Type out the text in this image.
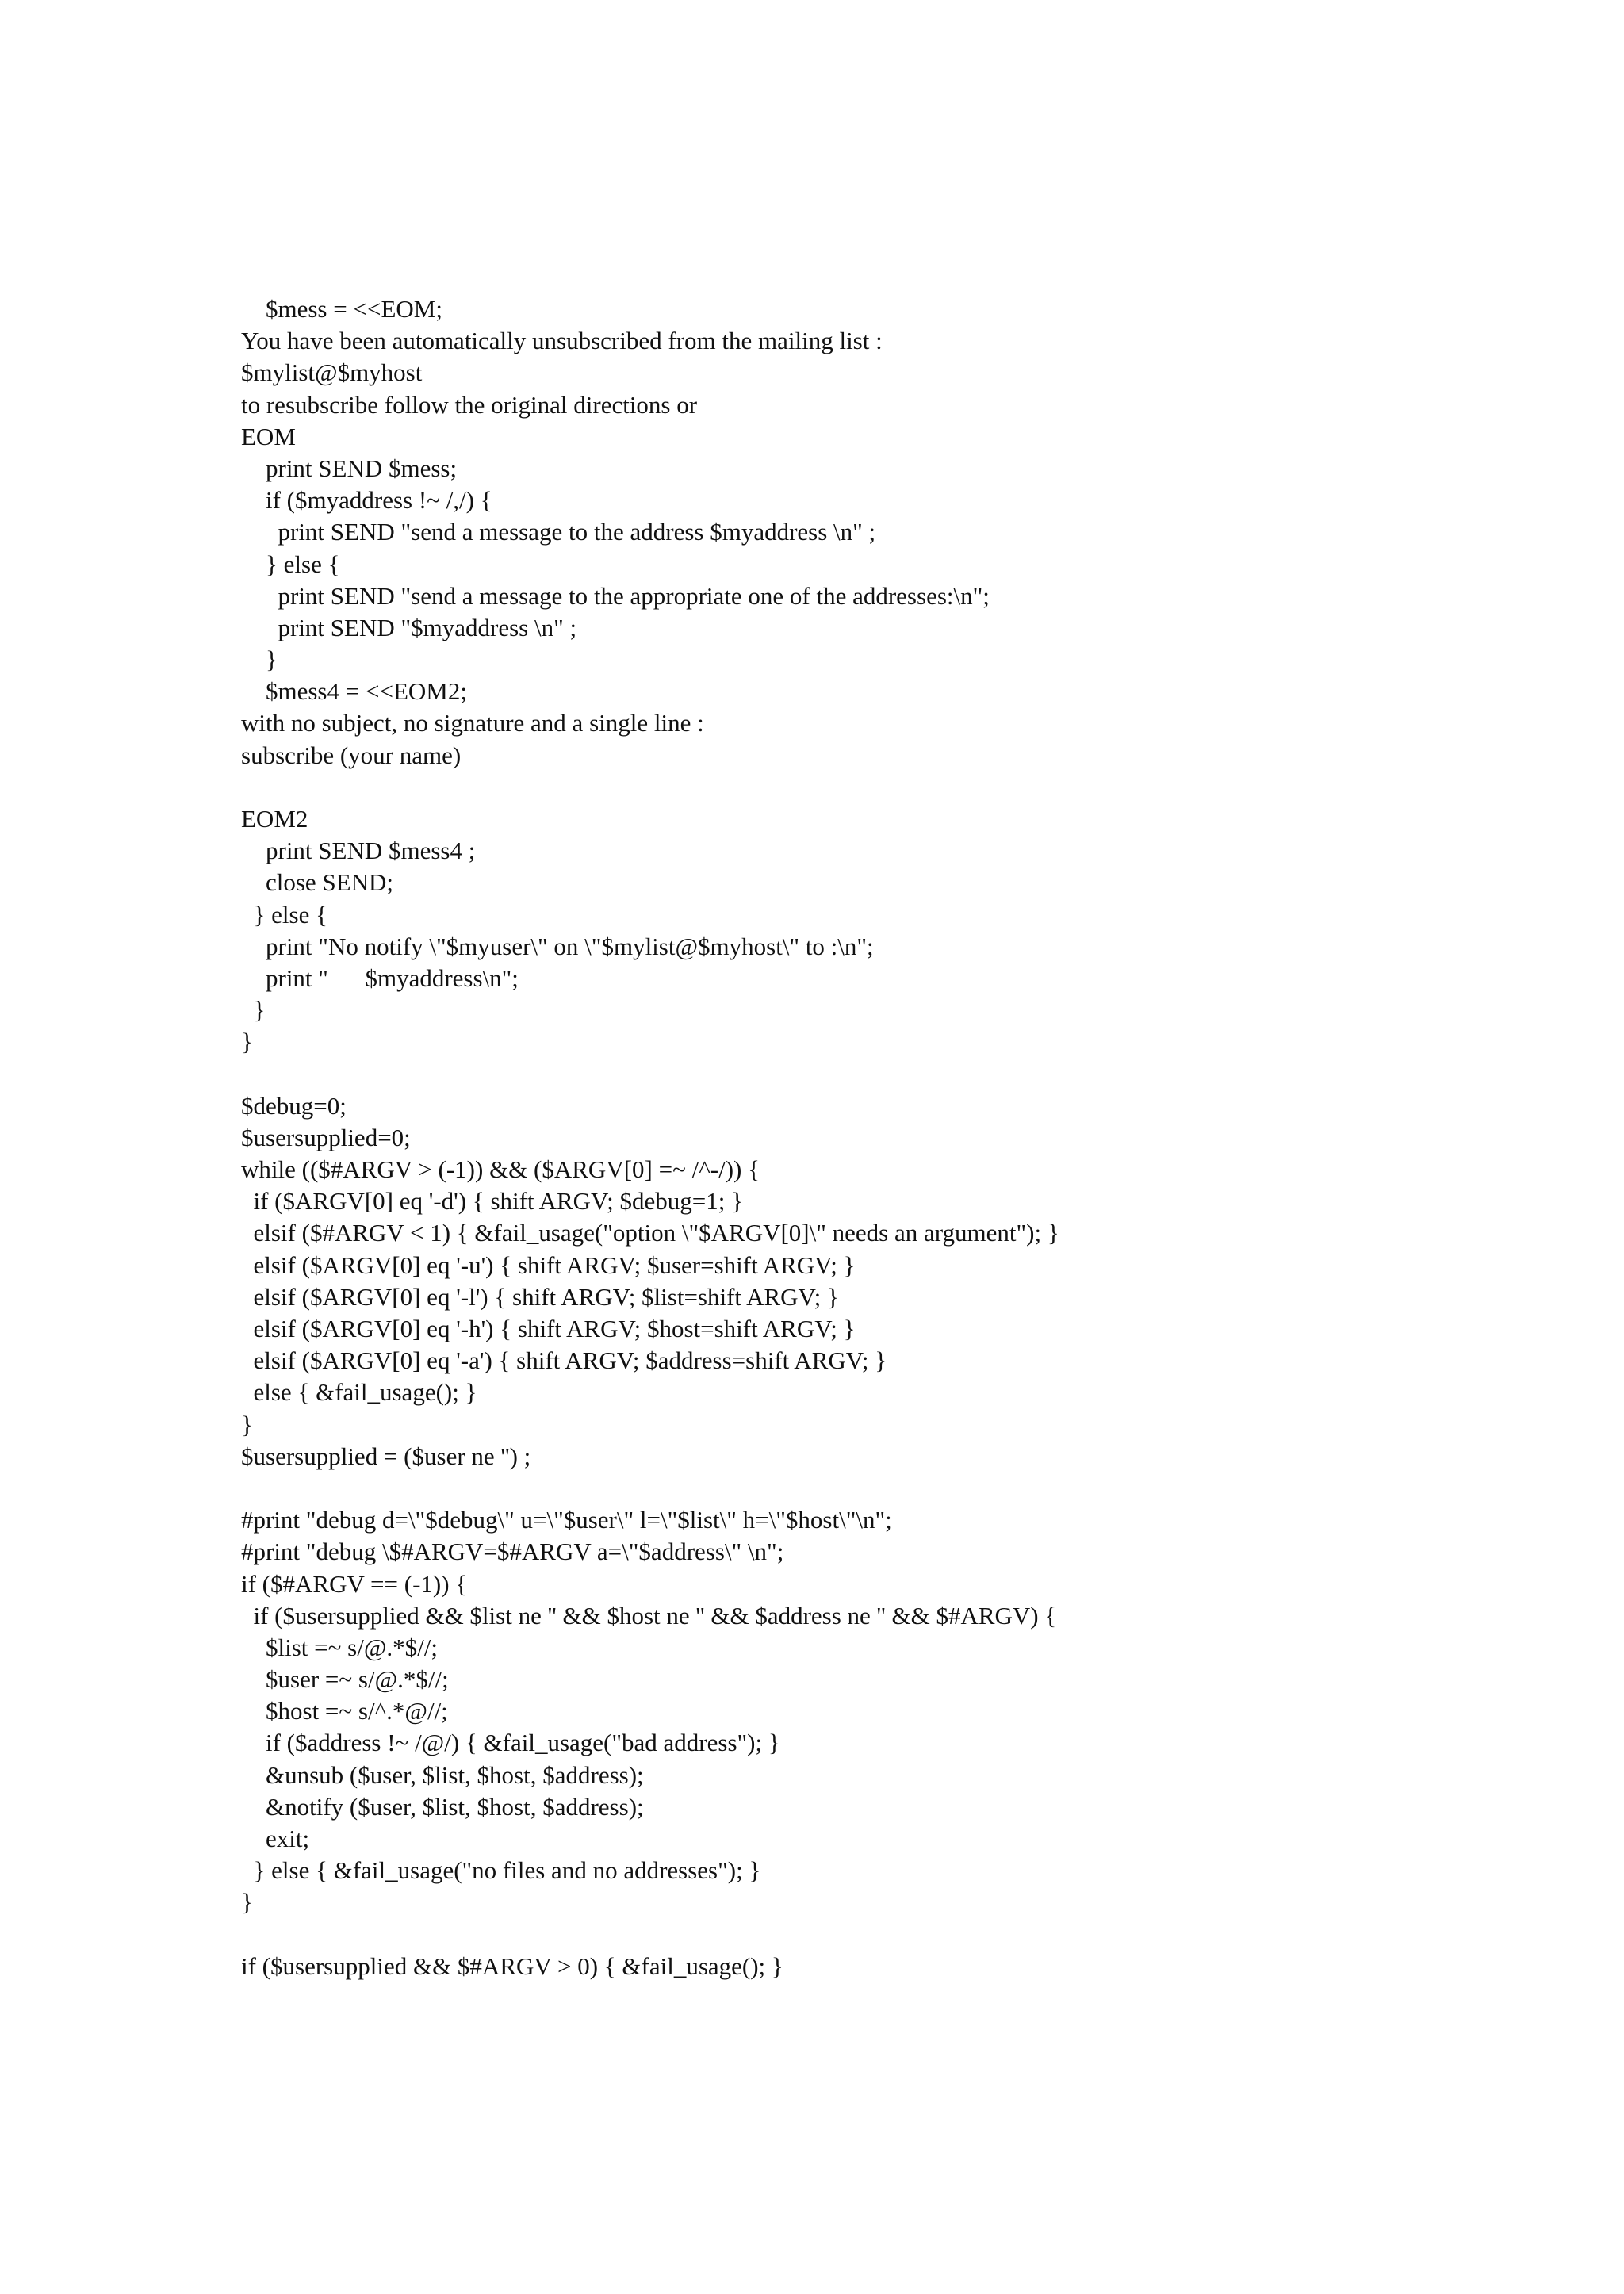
$mess = <<EOM;
You have been automatically unsubscribed from the mailing list :
$mylist@$myhost
to resubscribe follow the original directions or
EOM
print SEND $mess;
if ($myaddress !~ /,/) {
print SEND "send a message to the address $myaddress \n" ;
} else {
print SEND "send a message to the appropriate one of the addresses:\n";
print SEND "$myaddress \n" ;
}
$mess4 = <<EOM2;
with no subject, no signature and a single line :
subscribe (your name)
EOM2
print SEND $mess4 ;
close SEND;
} else {
print "No notify \"$myuser\" on \"$mylist@$myhost\" to :\n";
print "      $myaddress\n";
}
}
$debug=0;
$usersupplied=0;
while (($#ARGV > (-1)) && ($ARGV[0] =~ /^-/)) {
if ($ARGV[0] eq '-d') { shift ARGV; $debug=1; }
elsif ($#ARGV < 1) { &fail_usage("option \"$ARGV[0]\" needs an argument"); }
elsif ($ARGV[0] eq '-u') { shift ARGV; $user=shift ARGV; }
elsif ($ARGV[0] eq '-l') { shift ARGV; $list=shift ARGV; }
elsif ($ARGV[0] eq '-h') { shift ARGV; $host=shift ARGV; }
elsif ($ARGV[0] eq '-a') { shift ARGV; $address=shift ARGV; }
else { &fail_usage(); }
}
$usersupplied = ($user ne '') ;
#print "debug d=\"$debug\" u=\"$user\" l=\"$list\" h=\"$host\"\n";
#print "debug \$#ARGV=$#ARGV a=\"$address\" \n";
if ($#ARGV == (-1)) {
if ($usersupplied && $list ne '' && $host ne '' && $address ne '' && $#ARGV) {
$list =~ s/@.*$//;
$user =~ s/@.*$//;
$host =~ s/^.*@//;
if ($address !~ /@/) { &fail_usage("bad address"); }
&unsub ($user, $list, $host, $address);
&notify ($user, $list, $host, $address);
exit;
} else { &fail_usage("no files and no addresses"); }
}
if ($usersupplied && $#ARGV > 0) { &fail_usage(); }
